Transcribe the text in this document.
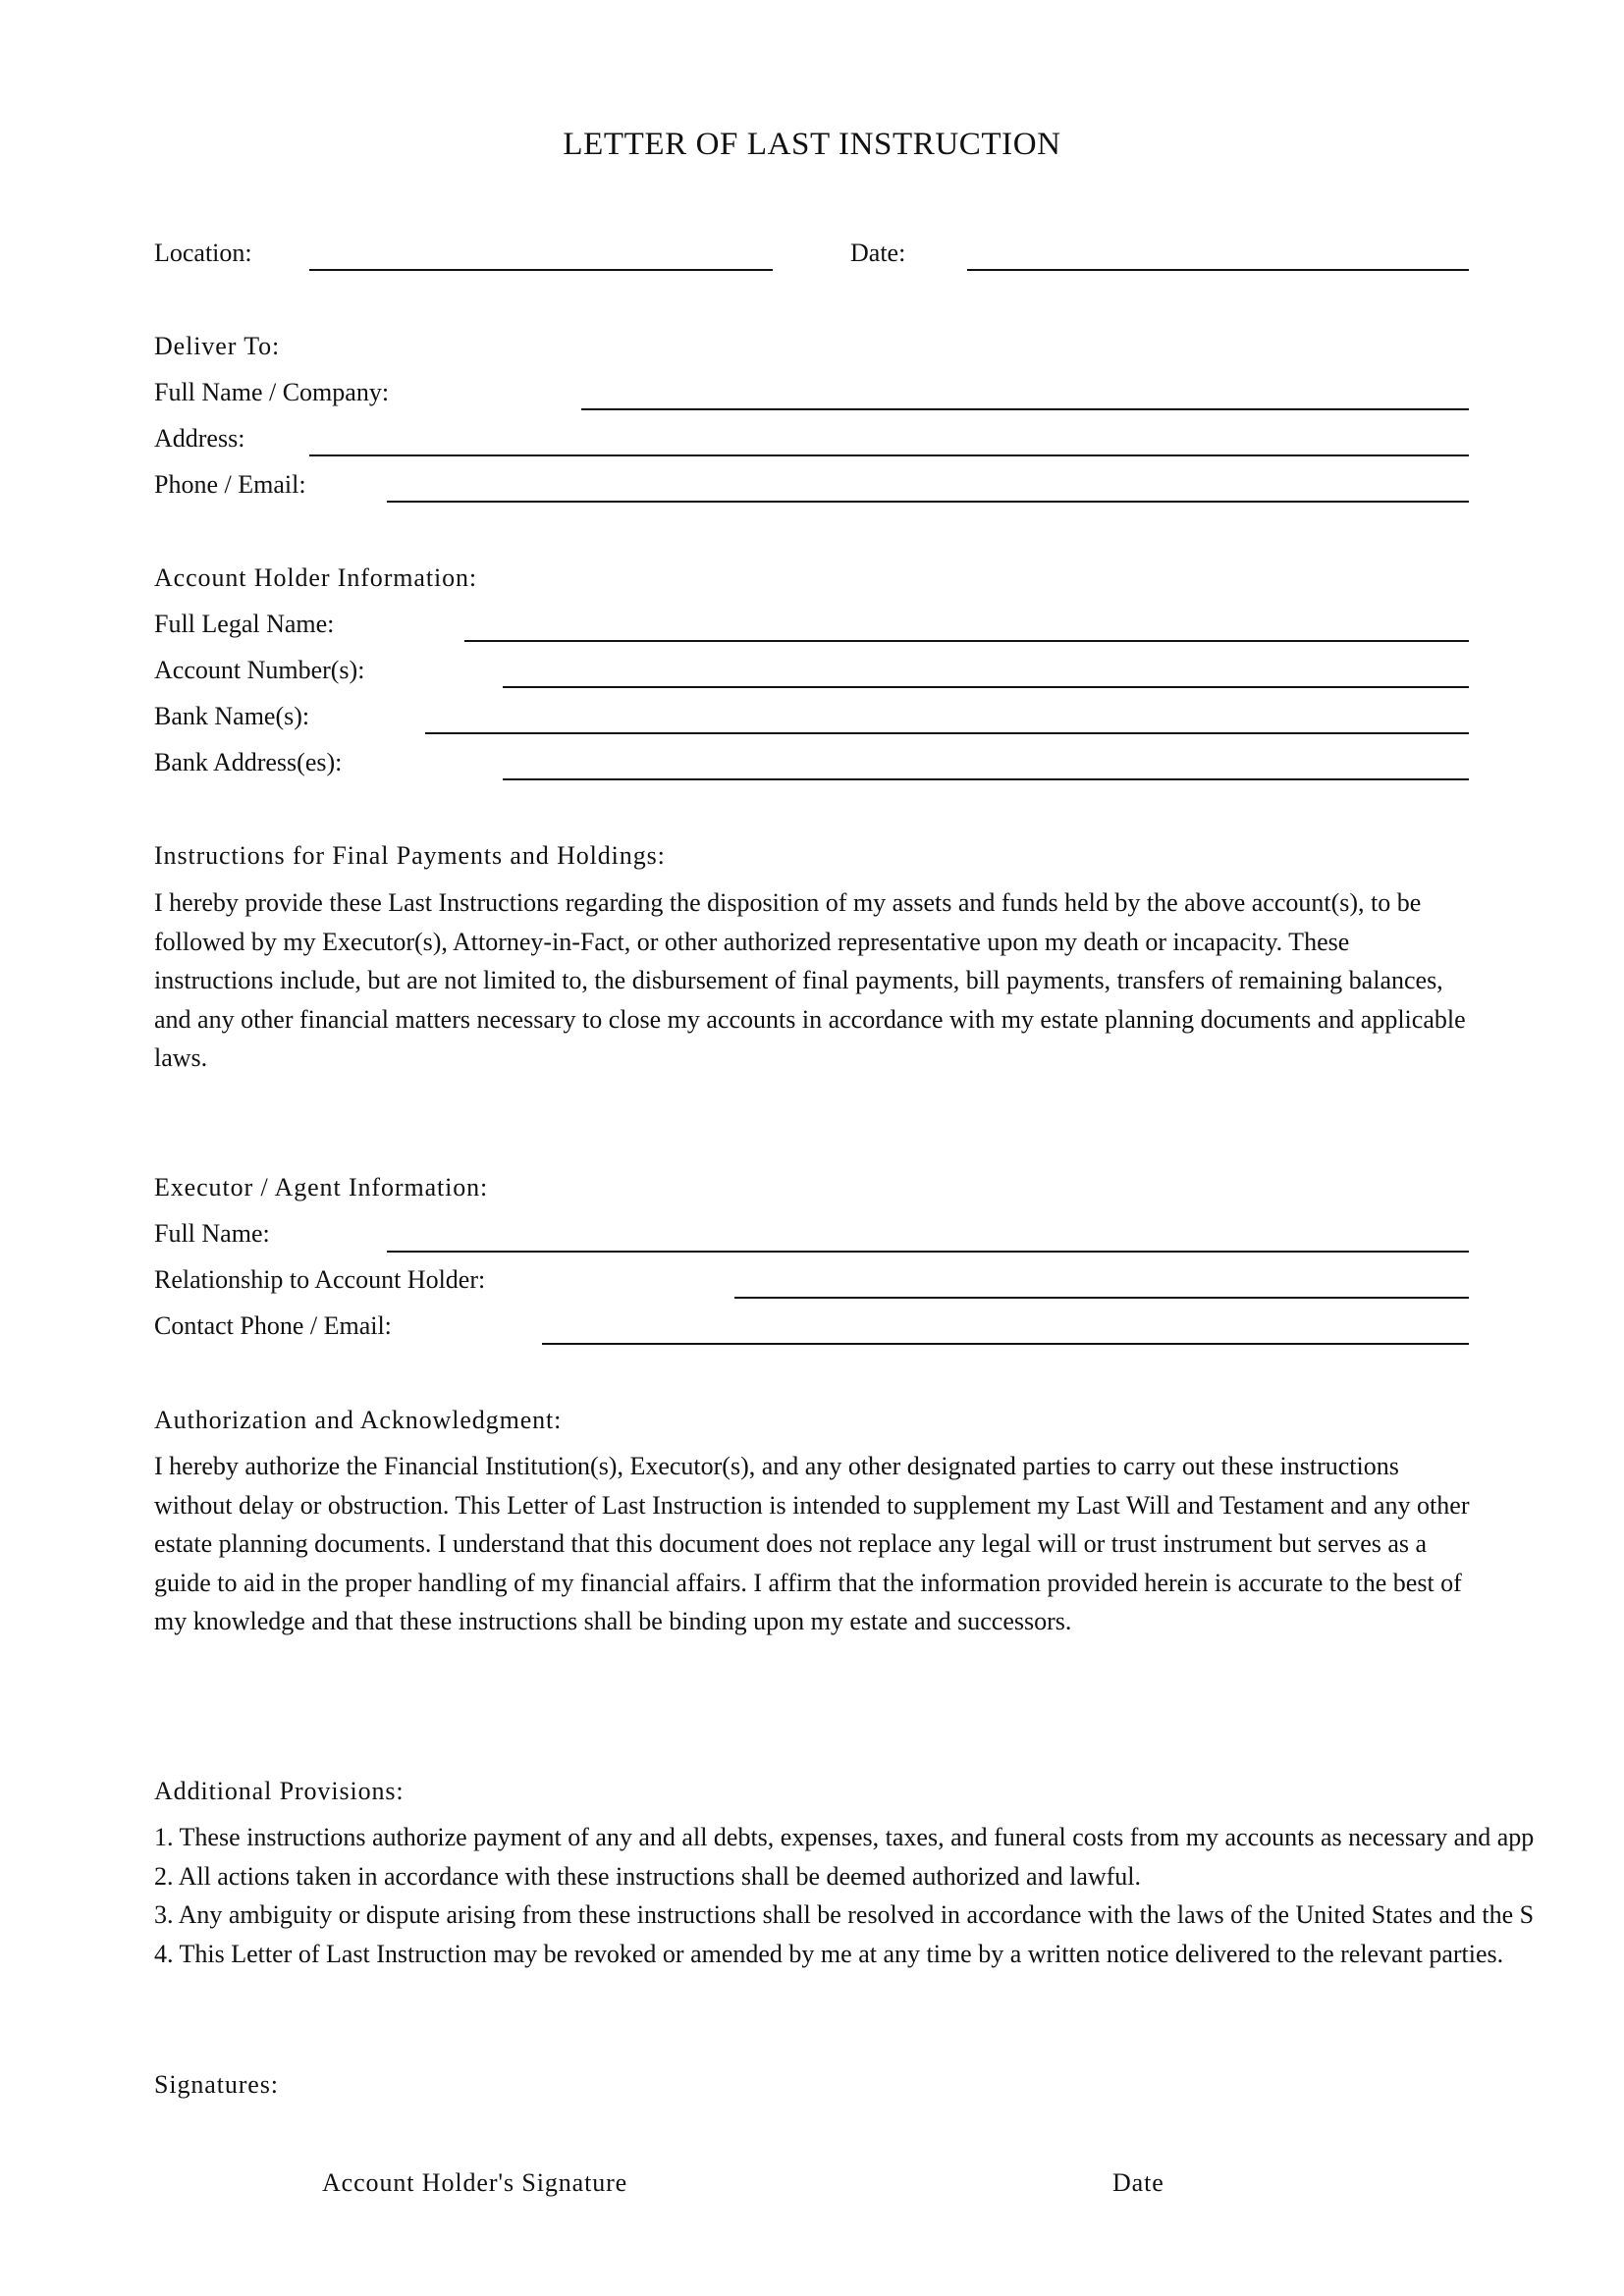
LETTER OF LAST INSTRUCTION
Location:	Date:
Deliver To:
Full Name / Company:
Address:
Phone / Email:
Account Holder Information:
Full Legal Name:
Account Number(s):
Bank Name(s):
Bank Address(es):
Instructions for Final Payments and Holdings:
I hereby provide these Last Instructions regarding the disposition of my assets and funds held by the above account(s), to be followed by my Executor(s), Attorney-in-Fact, or other authorized representative upon my death or incapacity. These instructions include, but are not limited to, the disbursement of final payments, bill payments, transfers of remaining balances, and any other financial matters necessary to close my accounts in accordance with my estate planning documents and applicable laws.
Executor / Agent Information:
Full Name:
Relationship to Account Holder:
Contact Phone / Email:
Authorization and Acknowledgment:
I hereby authorize the Financial Institution(s), Executor(s), and any other designated parties to carry out these instructions without delay or obstruction. This Letter of Last Instruction is intended to supplement my Last Will and Testament and any other estate planning documents. I understand that this document does not replace any legal will or trust instrument but serves as a guide to aid in the proper handling of my financial affairs. I affirm that the information provided herein is accurate to the best of my knowledge and that these instructions shall be binding upon my estate and successors.
Additional Provisions:
1. These instructions authorize payment of any and all debts, expenses, taxes, and funeral costs from my accounts as necessary and app
2. All actions taken in accordance with these instructions shall be deemed authorized and lawful.
3. Any ambiguity or dispute arising from these instructions shall be resolved in accordance with the laws of the United States and the S
4. This Letter of Last Instruction may be revoked or amended by me at any time by a written notice delivered to the relevant parties.
Signatures:
Account Holder's Signature	Date
